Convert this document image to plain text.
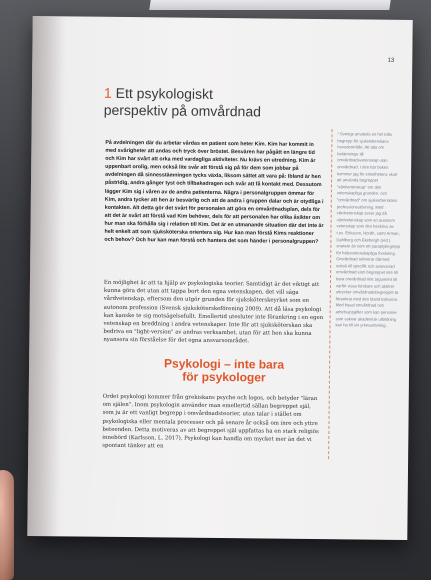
13
1 Ett psykologiskt
perspektiv på omvårdnad
På avdelningen där du arbetar vårdas en patient som heter Kim. Kim har kommit in med svårigheter att andas och tryck över bröstet. Besvären har pågått en längre tid och Kim har svårt att orka med vardagliga aktiviteter. Nu krävs en utredning. Kim är uppenbart orolig, men också lite svår att förstå sig på för dem som jobbar på avdelningen då sinnesstämningen tycks växla, liksom sättet att vara på: Ibland är hen påstridig, andra gånger tyst och tillbakadragen och svår att få kontakt med. Dessutom lägger Kim sig i våren av de andra patienterna. Några i personalgruppen ömmar för Kim, andra tycker att hen är besvärlig och att de andra i gruppen dalar och är otydliga i kontakten. Alt detta gör det svårt för personalen att göra en omvårdnadsplan, dels för att det är svårt att förstå vad Kim behöver, dels för att personalen har olika åsikter om hur man ska förhålla sig i relation till Kim. Det är en utmanande situation där det inte är helt enkelt att som sjuksköterska orientera sig. Hur kan man förstå Kims reaktioner och behov? Och hur kan man förstå och hantera det som händer i personalgruppen?
En möjlighet är att ta hjälp av psykologiska teorier. Samtidigt är det viktigt att kunna göra det utan att tappa bort den egna vetenskapen, det vill säga vårdvetenskap, eftersom den utgör grunden för sjuksköterskeyrket som en autonom profession (Svensk sjuksköterskeförening 2009). Att då läsa psykologi kan kanske te sig motsägelsefullt. Emellertid utesluter inte förankring i en egen vetenskap en breddning i andra vetenskaper. Inte för att sjuksköterskan ska bedriva en "light-version" av andras verksamhet, utan för att hen ska kunna nyansera sin förståelse för det egna ansvarsområdet.
Psykologi – inte bara
för psykologer
Ordet psykologi kommer från grekiskans psyche och logos, och betyder "läran om själen". Inom psykologin använder man emellertid sällan begreppet själ, som ju är ett vanligt begrepp i omvårdnadsteorier, utan talar i stället om psykologiska eller mentala processer och på senare år också om inre och yttre beteenden. Detta motiveras av att begreppet själ uppfattas ha en stark religiös innebörd (Karlsson, L. 2017). Psykologi kan handla om mycket mer än det vi spontant tänker att en
¹ Sverige används en hel rolla begrepp för sjuksköterskans huvudområde: Att tala om betämnings till omvårdnadsvetenskap utan omvårdnad. I den här boken kommer jag för enkelhetens skull att använda begreppet "vårdvetenskap" om den vetenskapliga grunden, och "omvårdnad" om sjuksköterskans professionsutövning. Med vårdvetenskap avser jag då vårdvetenskap som en autonom vetenskap som den beskrivs av t.ex. Eriksson, Nordh, samt Arman, Dahlberg och Ekebergh (red.) snarare än som ett paraplybegrepp för hälsovetenskapliga forskning. Omvårdnad refererar därmed också till specifik och avancerad omvårdnad som begreppet inte till bara omvårdnad mitt argument till varför vissa forskare och aktörer uttrycker omvårdnadsbegreppet är förankrat med den bland Eriksson. Med basal omvårdnad och arbetsuppgifter som kan personer som saknar akademisk utbildning kan ha till sin yrkesutövning.
